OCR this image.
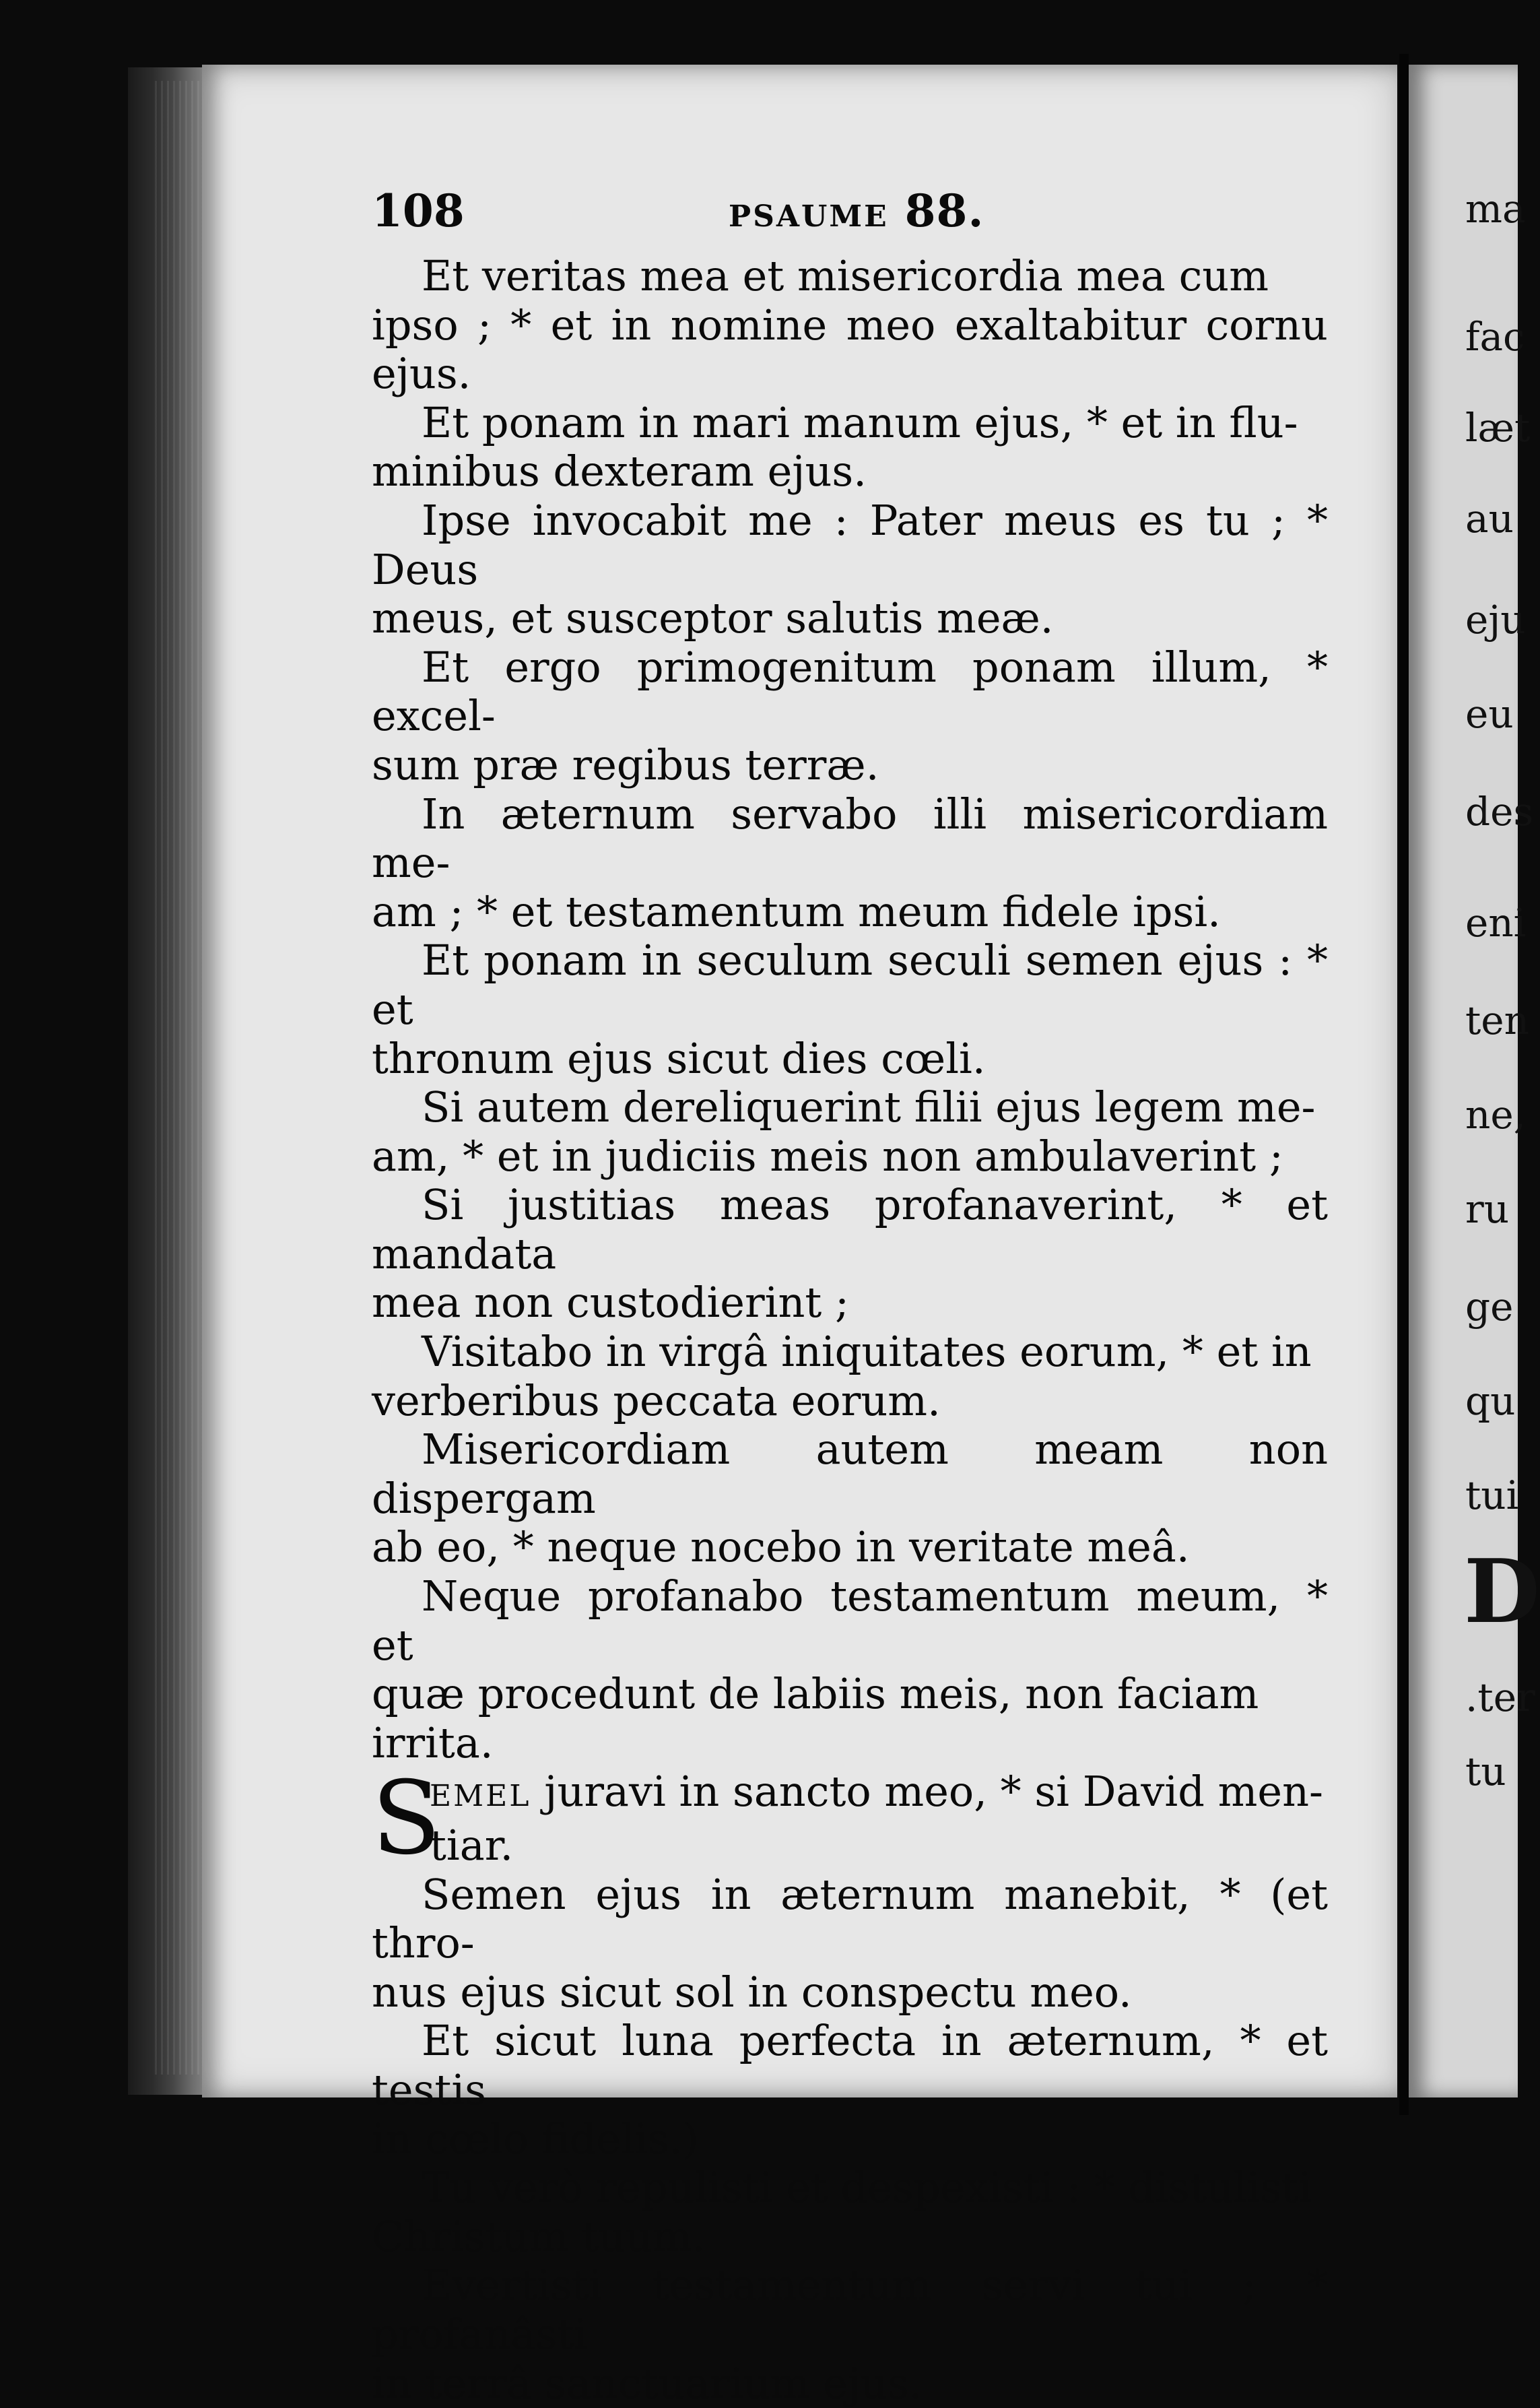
108	PSAUME 88.
Et veritas mea et misericordia mea cum
ipso ; * et in nomine meo exaltabitur cornu ejus.
Et ponam in mari manum ejus, * et in flu-
minibus dexteram ejus.
Ipse invocabit me : Pater meus es tu ; * Deus
meus, et susceptor salutis meæ.
Et ergo primogenitum ponam illum, * excel-
sum præ regibus terræ.
In æternum servabo illi misericordiam me-
am ; * et testamentum meum fidele ipsi.
Et ponam in seculum seculi semen ejus : * et
thronum ejus sicut dies cœli.
Si autem dereliquerint filii ejus legem me-
am, * et in judiciis meis non ambulaverint ;
Si justitias meas profanaverint, * et mandata
mea non custodierint ;
Visitabo in virgâ iniquitates eorum, * et in
verberibus peccata eorum.
Misericordiam autem meam non dispergam
ab eo, * neque nocebo in veritate meâ.
Neque profanabo testamentum meum, * et
quæ procedunt de labiis meis, non faciam
irrita.
S
EMEL juravi in sancto meo, * si David men-
tiar.
Semen ejus in æternum manebit, * (et thro-
nus ejus sicut sol in conspectu meo.
Et sicut luna perfecta in æternum, * et testis
in cœlo fidelis.)
Tu verò repulisti et despexisti : * distulisti
Christum tuum.
Evertisti testamentum servi tui ; * profanâsti
in terrâ sanctuarium ejus.
ma
fac
læt
au
eju
eu
des
eni
ten
ne,
ru
ge
qu
tui
D
.ter
tu
